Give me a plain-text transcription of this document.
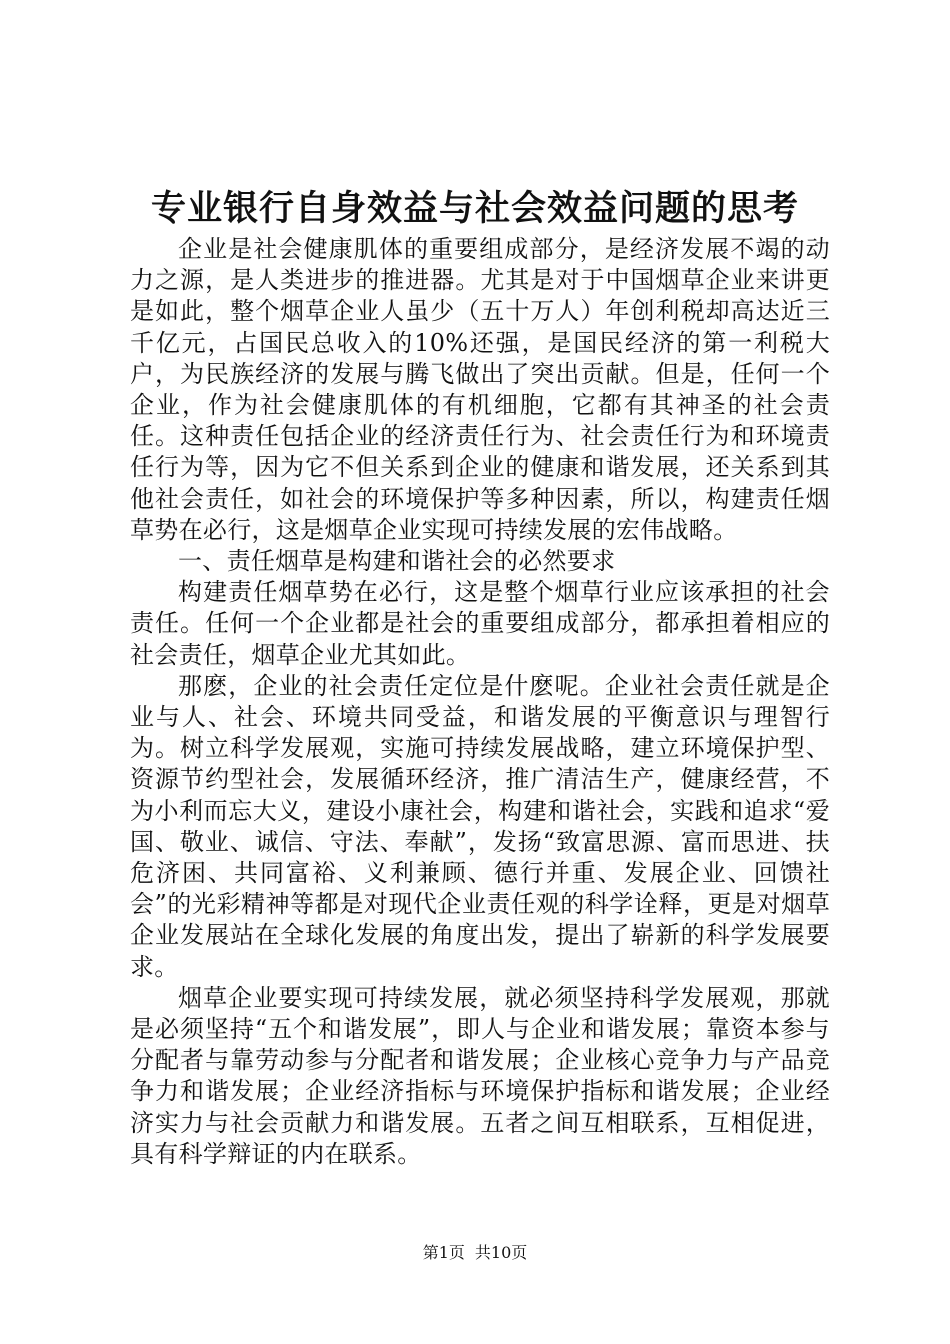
专业银行自身效益与社会效益问题的思考

企业是社会健康肌体的重要组成部分，是经济发展不竭的动力之源，是人类进步的推进器。尤其是对于中国烟草企业来讲更是如此，整个烟草企业人虽少（五十万人）年创利税却高达近三千亿元，占国民总收入的10%还强，是国民经济的第一利税大户，为民族经济的发展与腾飞做出了突出贡献。但是，任何一个企业，作为社会健康肌体的有机细胞，它都有其神圣的社会责任。这种责任包括企业的经济责任行为、社会责任行为和环境责任行为等，因为它不但关系到企业的健康和谐发展，还关系到其他社会责任，如社会的环境保护等多种因素，所以，构建责任烟草势在必行，这是烟草企业实现可持续发展的宏伟战略。

一、责任烟草是构建和谐社会的必然要求

构建责任烟草势在必行，这是整个烟草行业应该承担的社会责任。任何一个企业都是社会的重要组成部分，都承担着相应的社会责任，烟草企业尤其如此。

那麽，企业的社会责任定位是什麽呢。企业社会责任就是企业与人、社会、环境共同受益，和谐发展的平衡意识与理智行为。树立科学发展观，实施可持续发展战略，建立环境保护型、资源节约型社会，发展循环经济，推广清洁生产，健康经营，不为小利而忘大义，建设小康社会，构建和谐社会，实践和追求“爱国、敬业、诚信、守法、奉献”，发扬“致富思源、富而思进、扶危济困、共同富裕、义利兼顾、德行并重、发展企业、回馈社会”的光彩精神等都是对现代企业责任观的科学诠释，更是对烟草企业发展站在全球化发展的角度出发，提出了崭新的科学发展要求。

烟草企业要实现可持续发展，就必须坚持科学发展观，那就是必须坚持“五个和谐发展”，即人与企业和谐发展；靠资本参与分配者与靠劳动参与分配者和谐发展；企业核心竞争力与产品竞争力和谐发展；企业经济指标与环境保护指标和谐发展；企业经济实力与社会贡献力和谐发展。五者之间互相联系，互相促进，具有科学辩证的内在联系。

第1页 共10页
